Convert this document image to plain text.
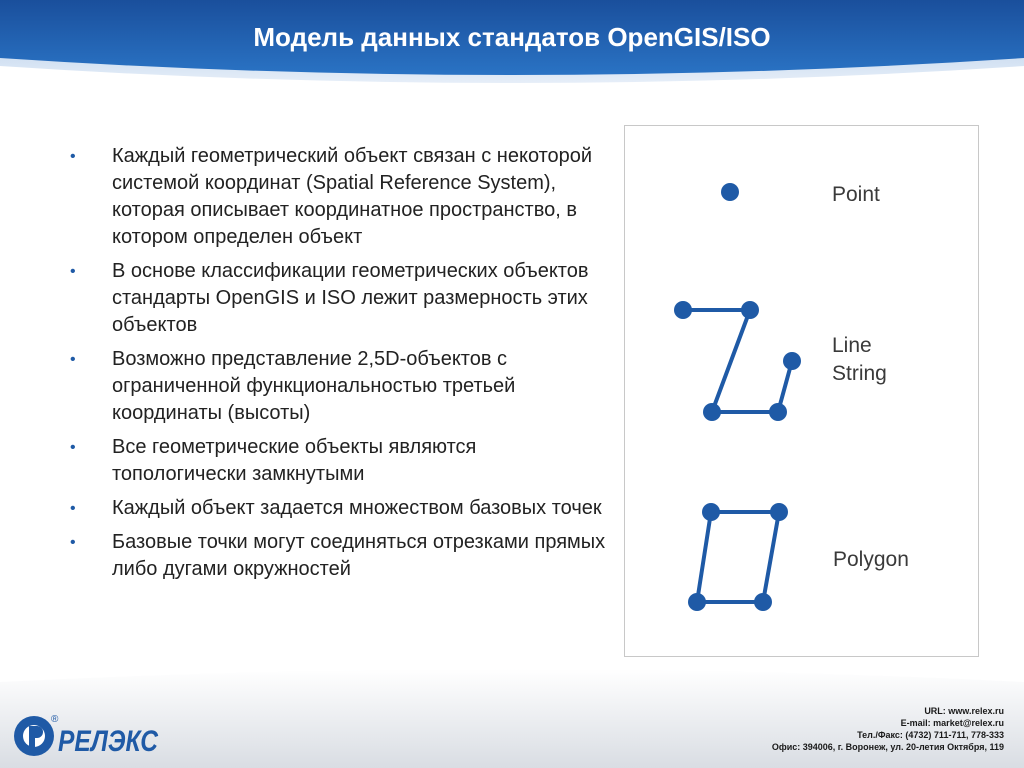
Модель данных стандатов OpenGIS/ISO
• Каждый геометрический объект связан с некоторой системой координат (Spatial Reference System), которая описывает координатное пространство, в котором определен объект
• В основе классификации геометрических объектов стандарты OpenGIS и ISO лежит размерность этих объектов
• Возможно представление 2,5D-объектов с ограниченной функциональностью третьей координаты (высоты)
• Все геометрические объекты являются топологически замкнутыми
• Каждый объект задается множеством базовых точек
• Базовые точки могут соединяться отрезками прямых либо дугами окружностей
Point
Line
String
Polygon
®
РЕЛЭКС
URL: www.relex.ru
E-mail: market@relex.ru
Тел./Факс: (4732) 711-711, 778-333
Офис: 394006, г. Воронеж, ул. 20-летия Октября, 119
